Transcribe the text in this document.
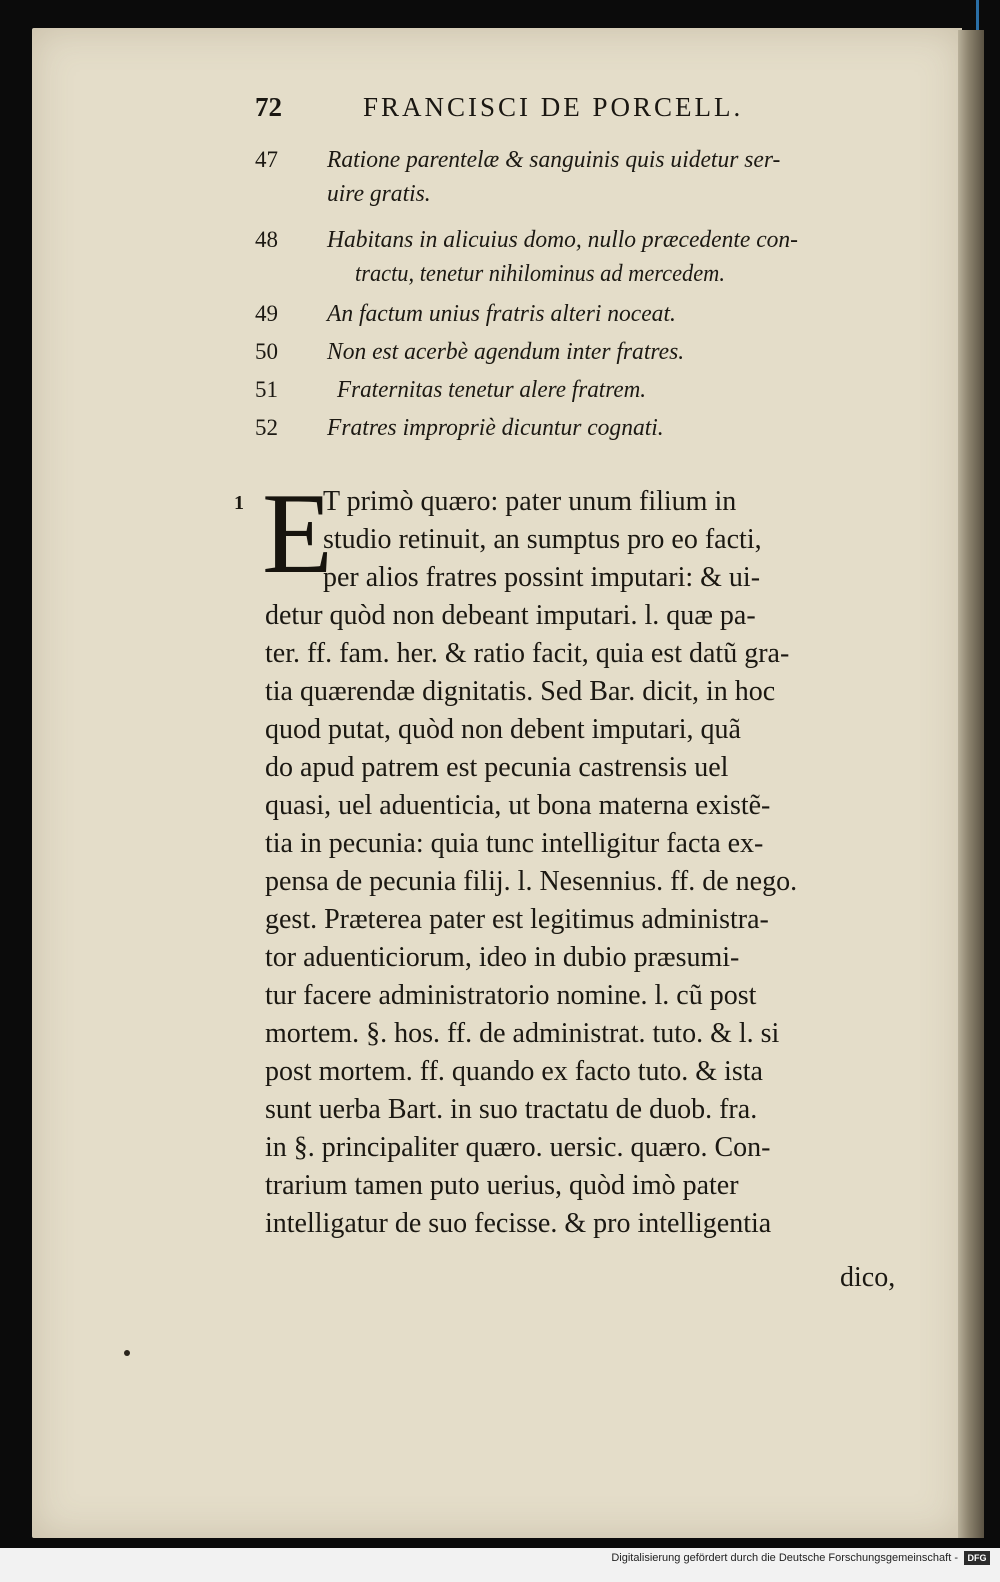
72	FRANCISCI DE PORCELL.
47	Ratione parentelæ & sanguinis quis uidetur ser-
uire gratis.
48	Habitans in alicuius domo, nullo præcedente con-
tractu, tenetur nihilominus ad mercedem.
49	An factum unius fratris alteri noceat.
50	Non est acerbè agendum inter fratres.
51	Fraternitas tenetur alere fratrem.
52	Fratres impropriè dicuntur cognati.
1 E
T primò quæro: pater unum filium in
studio retinuit, an sumptus pro eo facti,
per alios fratres possint imputari: & ui-
detur quòd non debeant imputari. l. quæ pa-
ter. ff. fam. her. & ratio facit, quia est datũ gra-
tia quærendæ dignitatis. Sed Bar. dicit, in hoc
quod putat, quòd non debent imputari, quã
do apud patrem est pecunia castrensis uel
quasi, uel aduenticia, ut bona materna existẽ-
tia in pecunia: quia tunc intelligitur facta ex-
pensa de pecunia filij. l. Nesennius. ff. de nego.
gest. Præterea pater est legitimus administra-
tor aduenticiorum, ideo in dubio præsumi-
tur facere administratorio nomine. l. cũ post
mortem. §. hos. ff. de administrat. tuto. & l. si
post mortem. ff. quando ex facto tuto. & ista
sunt uerba Bart. in suo tractatu de duob. fra.
in §. principaliter quæro. uersic. quæro. Con-
trarium tamen puto uerius, quòd imò pater
intelligatur de suo fecisse. & pro intelligentia
dico,
Digitalisierung gefördert durch die Deutsche Forschungsgemeinschaft -	DFG
